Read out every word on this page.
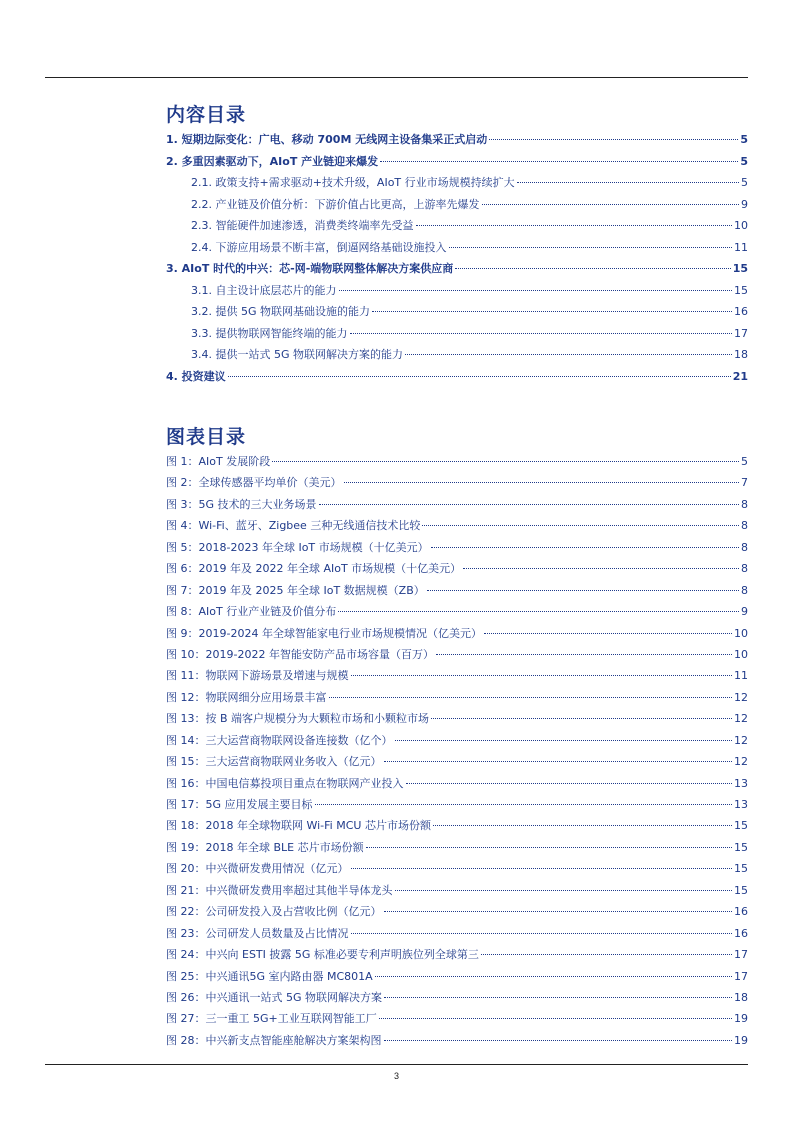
内容目录
1. 短期边际变化：广电、移动 700M 无线网主设备集采正式启动	5
2. 多重因素驱动下，AIoT 产业链迎来爆发	5
2.1. 政策支持+需求驱动+技术升级，AIoT 行业市场规模持续扩大	5
2.2. 产业链及价值分析：下游价值占比更高，上游率先爆发	9
2.3. 智能硬件加速渗透，消费类终端率先受益	10
2.4. 下游应用场景不断丰富，倒逼网络基础设施投入	11
3. AIoT 时代的中兴：芯-网-端物联网整体解决方案供应商	15
3.1. 自主设计底层芯片的能力	15
3.2. 提供 5G 物联网基础设施的能力	16
3.3. 提供物联网智能终端的能力	17
3.4. 提供一站式 5G 物联网解决方案的能力	18
4. 投资建议	21
图表目录
图 1：AIoT 发展阶段	5
图 2：全球传感器平均单价（美元）	7
图 3：5G 技术的三大业务场景	8
图 4：Wi-Fi、蓝牙、Zigbee 三种无线通信技术比较	8
图 5：2018-2023 年全球 IoT 市场规模（十亿美元）	8
图 6：2019 年及 2022 年全球 AIoT 市场规模（十亿美元）	8
图 7：2019 年及 2025 年全球 IoT 数据规模（ZB）	8
图 8：AIoT 行业产业链及价值分布	9
图 9：2019-2024 年全球智能家电行业市场规模情况（亿美元）	10
图 10：2019-2022 年智能安防产品市场容量（百万）	10
图 11：物联网下游场景及增速与规模	11
图 12：物联网细分应用场景丰富	12
图 13：按 B 端客户规模分为大颗粒市场和小颗粒市场	12
图 14：三大运营商物联网设备连接数（亿个）	12
图 15：三大运营商物联网业务收入（亿元）	12
图 16：中国电信募投项目重点在物联网产业投入	13
图 17：5G 应用发展主要目标	13
图 18：2018 年全球物联网 Wi-Fi MCU 芯片市场份额	15
图 19：2018 年全球 BLE 芯片市场份额	15
图 20：中兴微研发费用情况（亿元）	15
图 21：中兴微研发费用率超过其他半导体龙头	15
图 22：公司研发投入及占营收比例（亿元）	16
图 23：公司研发人员数量及占比情况	16
图 24：中兴向 ESTI 披露 5G 标准必要专利声明族位列全球第三	17
图 25：中兴通讯5G 室内路由器 MC801A	17
图 26：中兴通讯一站式 5G 物联网解决方案	18
图 27：三一重工 5G+工业互联网智能工厂	19
图 28：中兴新支点智能座舱解决方案架构图	19
3
